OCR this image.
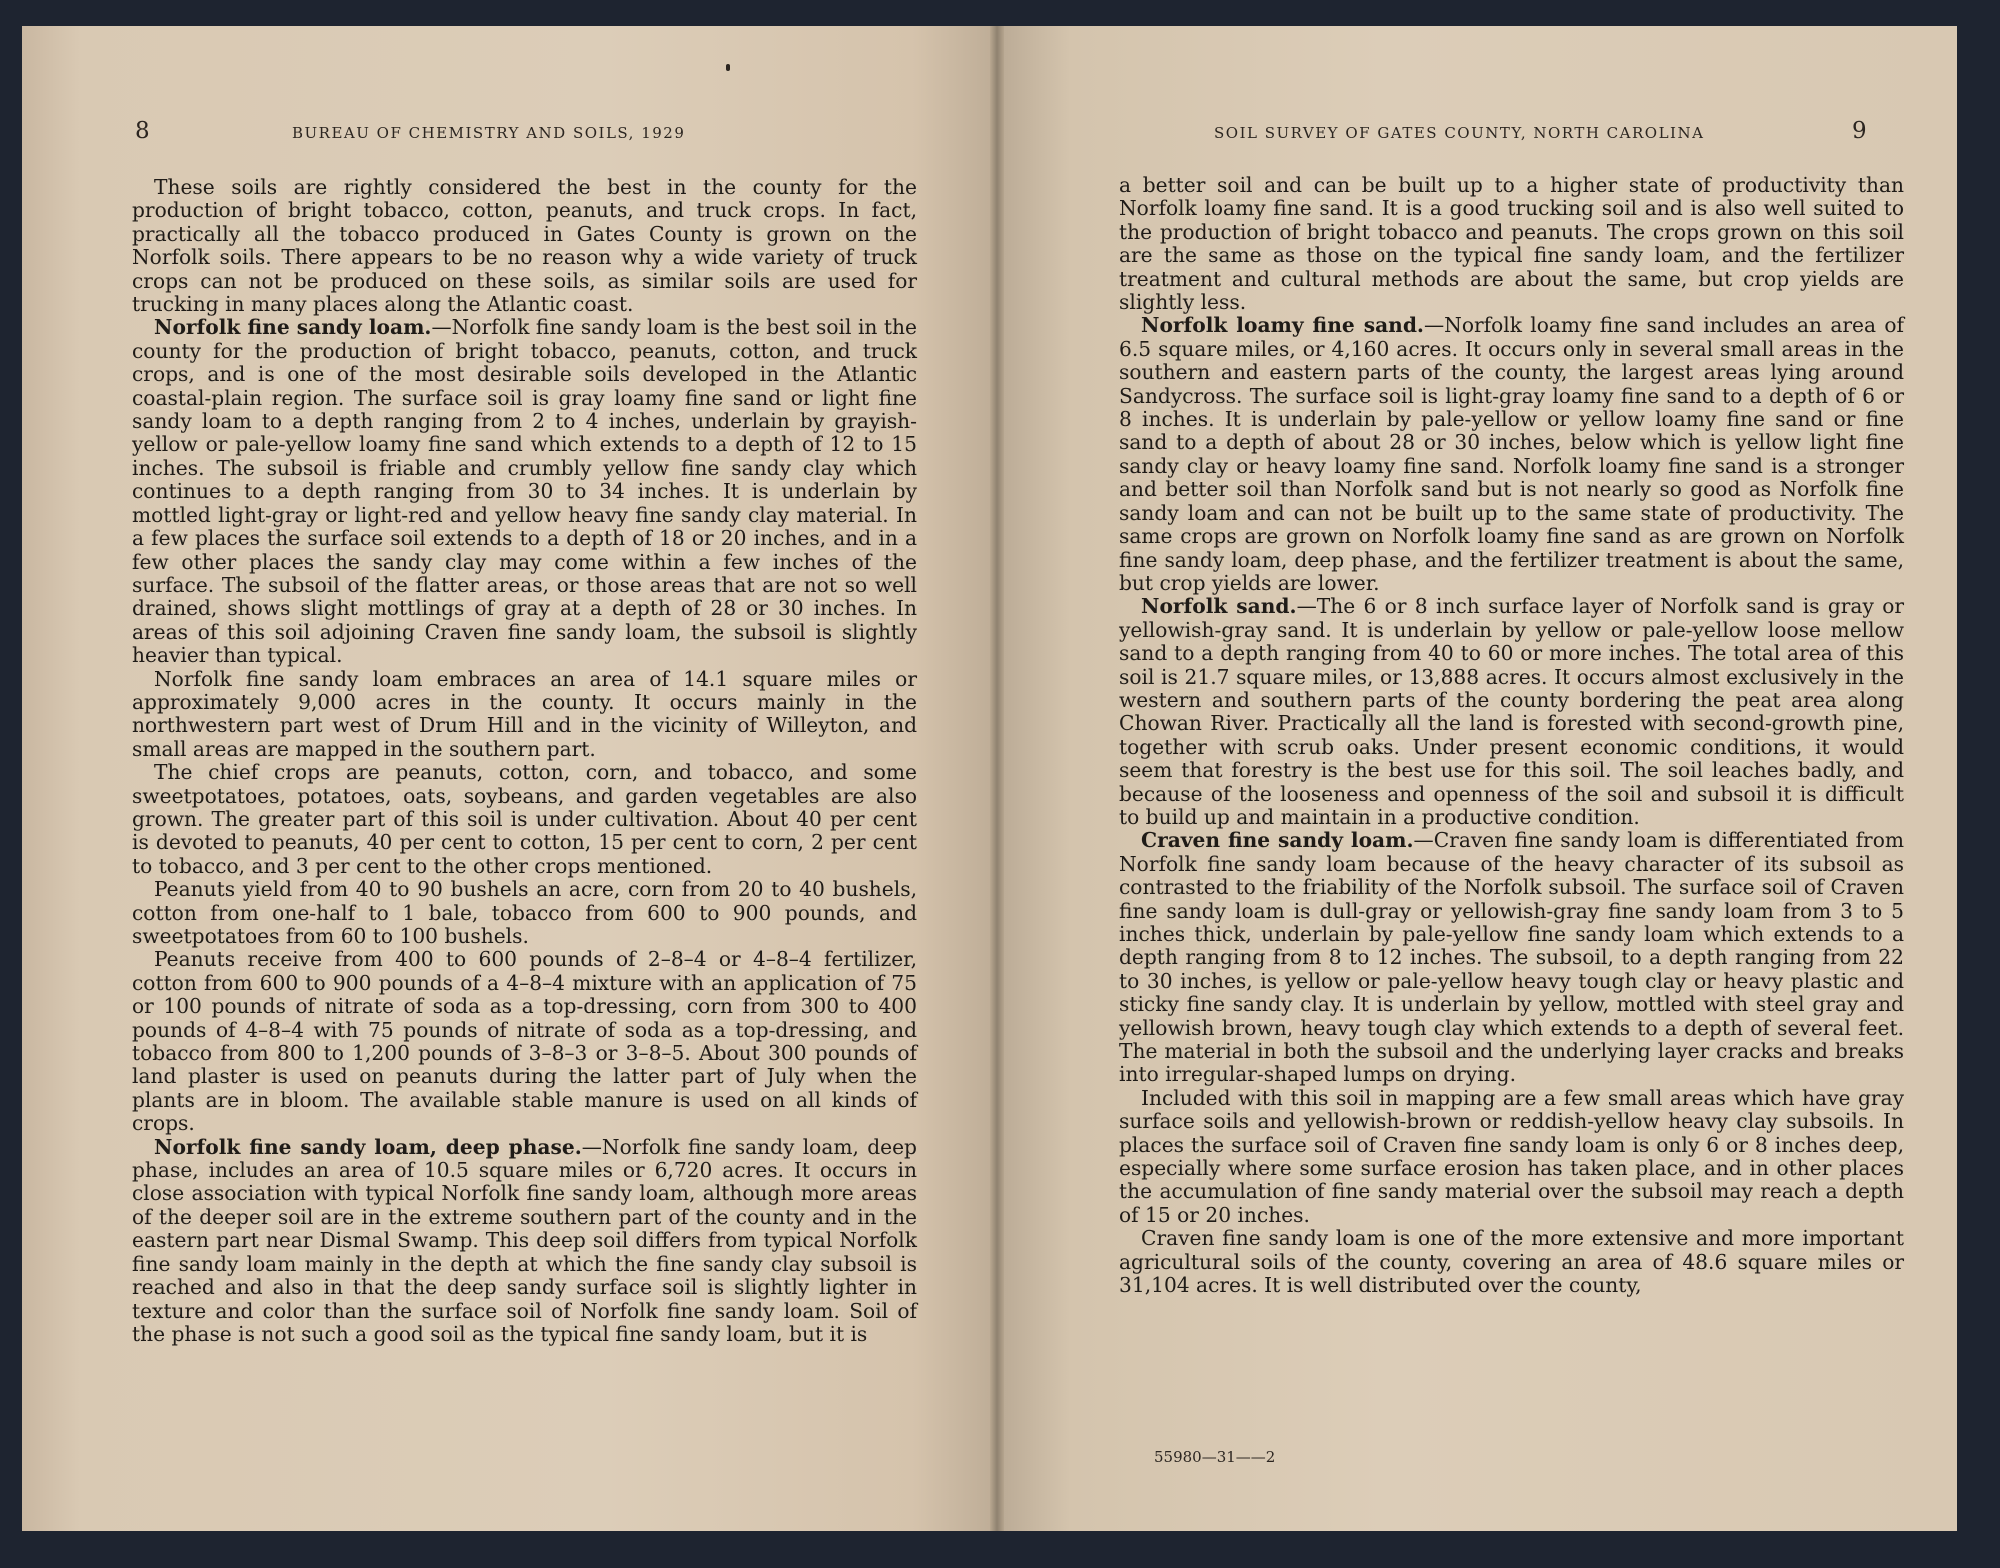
8	BUREAU OF CHEMISTRY AND SOILS, 1929

These soils are rightly considered the best in the county for the production of bright tobacco, cotton, peanuts, and truck crops. In fact, practically all the tobacco produced in Gates County is grown on the Norfolk soils. There appears to be no reason why a wide variety of truck crops can not be produced on these soils, as similar soils are used for trucking in many places along the Atlantic coast.

Norfolk fine sandy loam.—Norfolk fine sandy loam is the best soil in the county for the production of bright tobacco, peanuts, cotton, and truck crops, and is one of the most desirable soils developed in the Atlantic coastal-plain region. The surface soil is gray loamy fine sand or light fine sandy loam to a depth ranging from 2 to 4 inches, underlain by grayish-yellow or pale-yellow loamy fine sand which extends to a depth of 12 to 15 inches. The subsoil is friable and crumbly yellow fine sandy clay which continues to a depth ranging from 30 to 34 inches. It is underlain by mottled light-gray or light-red and yellow heavy fine sandy clay material. In a few places the surface soil extends to a depth of 18 or 20 inches, and in a few other places the sandy clay may come within a few inches of the surface. The subsoil of the flatter areas, or those areas that are not so well drained, shows slight mottlings of gray at a depth of 28 or 30 inches. In areas of this soil adjoining Craven fine sandy loam, the subsoil is slightly heavier than typical.

Norfolk fine sandy loam embraces an area of 14.1 square miles or approximately 9,000 acres in the county. It occurs mainly in the northwestern part west of Drum Hill and in the vicinity of Willeyton, and small areas are mapped in the southern part.

The chief crops are peanuts, cotton, corn, and tobacco, and some sweetpotatoes, potatoes, oats, soybeans, and garden vegetables are also grown. The greater part of this soil is under cultivation. About 40 per cent is devoted to peanuts, 40 per cent to cotton, 15 per cent to corn, 2 per cent to tobacco, and 3 per cent to the other crops mentioned.

Peanuts yield from 40 to 90 bushels an acre, corn from 20 to 40 bushels, cotton from one-half to 1 bale, tobacco from 600 to 900 pounds, and sweetpotatoes from 60 to 100 bushels.

Peanuts receive from 400 to 600 pounds of 2–8–4 or 4–8–4 fertilizer, cotton from 600 to 900 pounds of a 4–8–4 mixture with an application of 75 or 100 pounds of nitrate of soda as a top-dressing, corn from 300 to 400 pounds of 4–8–4 with 75 pounds of nitrate of soda as a top-dressing, and tobacco from 800 to 1,200 pounds of 3–8–3 or 3–8–5. About 300 pounds of land plaster is used on peanuts during the latter part of July when the plants are in bloom. The available stable manure is used on all kinds of crops.

Norfolk fine sandy loam, deep phase.—Norfolk fine sandy loam, deep phase, includes an area of 10.5 square miles or 6,720 acres. It occurs in close association with typical Norfolk fine sandy loam, although more areas of the deeper soil are in the extreme southern part of the county and in the eastern part near Dismal Swamp. This deep soil differs from typical Norfolk fine sandy loam mainly in the depth at which the fine sandy clay subsoil is reached and also in that the deep sandy surface soil is slightly lighter in texture and color than the surface soil of Norfolk fine sandy loam. Soil of the phase is not such a good soil as the typical fine sandy loam, but it is

SOIL SURVEY OF GATES COUNTY, NORTH CAROLINA	9

a better soil and can be built up to a higher state of productivity than Norfolk loamy fine sand. It is a good trucking soil and is also well suited to the production of bright tobacco and peanuts. The crops grown on this soil are the same as those on the typical fine sandy loam, and the fertilizer treatment and cultural methods are about the same, but crop yields are slightly less.

Norfolk loamy fine sand.—Norfolk loamy fine sand includes an area of 6.5 square miles, or 4,160 acres. It occurs only in several small areas in the southern and eastern parts of the county, the largest areas lying around Sandycross. The surface soil is light-gray loamy fine sand to a depth of 6 or 8 inches. It is underlain by pale-yellow or yellow loamy fine sand or fine sand to a depth of about 28 or 30 inches, below which is yellow light fine sandy clay or heavy loamy fine sand. Norfolk loamy fine sand is a stronger and better soil than Norfolk sand but is not nearly so good as Norfolk fine sandy loam and can not be built up to the same state of productivity. The same crops are grown on Norfolk loamy fine sand as are grown on Norfolk fine sandy loam, deep phase, and the fertilizer treatment is about the same, but crop yields are lower.

Norfolk sand.—The 6 or 8 inch surface layer of Norfolk sand is gray or yellowish-gray sand. It is underlain by yellow or pale-yellow loose mellow sand to a depth ranging from 40 to 60 or more inches. The total area of this soil is 21.7 square miles, or 13,888 acres. It occurs almost exclusively in the western and southern parts of the county bordering the peat area along Chowan River. Practically all the land is forested with second-growth pine, together with scrub oaks. Under present economic conditions, it would seem that forestry is the best use for this soil. The soil leaches badly, and because of the looseness and openness of the soil and subsoil it is difficult to build up and maintain in a productive condition.

Craven fine sandy loam.—Craven fine sandy loam is differentiated from Norfolk fine sandy loam because of the heavy character of its subsoil as contrasted to the friability of the Norfolk subsoil. The surface soil of Craven fine sandy loam is dull-gray or yellowish-gray fine sandy loam from 3 to 5 inches thick, underlain by pale-yellow fine sandy loam which extends to a depth ranging from 8 to 12 inches. The subsoil, to a depth ranging from 22 to 30 inches, is yellow or pale-yellow heavy tough clay or heavy plastic and sticky fine sandy clay. It is underlain by yellow, mottled with steel gray and yellowish brown, heavy tough clay which extends to a depth of several feet. The material in both the subsoil and the underlying layer cracks and breaks into irregular-shaped lumps on drying.

Included with this soil in mapping are a few small areas which have gray surface soils and yellowish-brown or reddish-yellow heavy clay subsoils. In places the surface soil of Craven fine sandy loam is only 6 or 8 inches deep, especially where some surface erosion has taken place, and in other places the accumulation of fine sandy material over the subsoil may reach a depth of 15 or 20 inches.

Craven fine sandy loam is one of the more extensive and more important agricultural soils of the county, covering an area of 48.6 square miles or 31,104 acres. It is well distributed over the county,

55980—31——2
